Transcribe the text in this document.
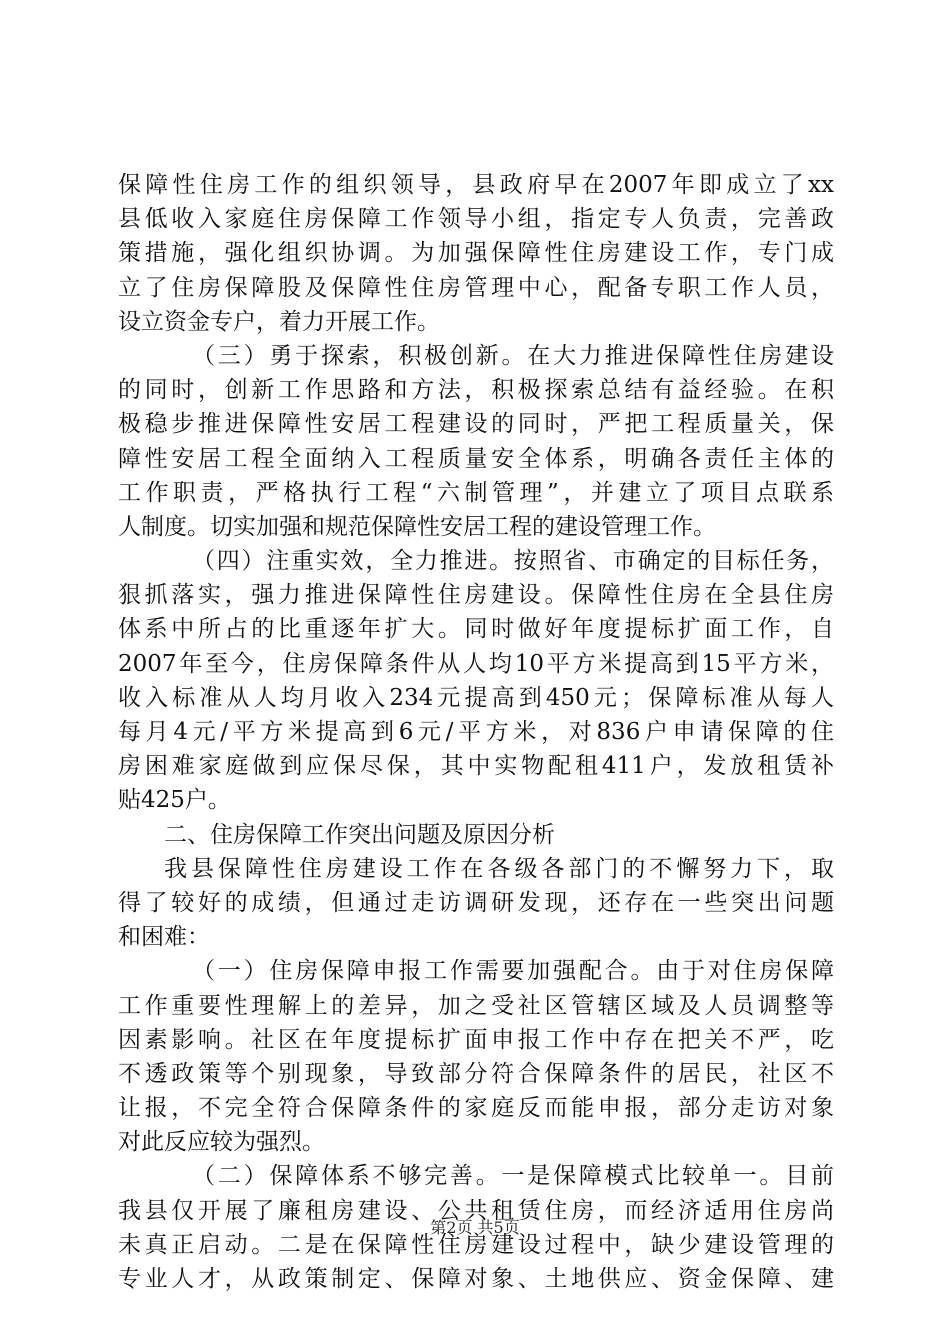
保障性住房工作的组织领导，县政府早在2007年即成立了xx
县低收入家庭住房保障工作领导小组，指定专人负责，完善政
策措施，强化组织协调。为加强保障性住房建设工作，专门成
立了住房保障股及保障性住房管理中心，配备专职工作人员，
设立资金专户，着力开展工作。
（三）勇于探索，积极创新。在大力推进保障性住房建设
的同时，创新工作思路和方法，积极探索总结有益经验。在积
极稳步推进保障性安居工程建设的同时，严把工程质量关，保
障性安居工程全面纳入工程质量安全体系，明确各责任主体的
工作职责，严格执行工程“六制管理”，并建立了项目点联系
人制度。切实加强和规范保障性安居工程的建设管理工作。
（四）注重实效，全力推进。按照省、市确定的目标任务，
狠抓落实，强力推进保障性住房建设。保障性住房在全县住房
体系中所占的比重逐年扩大。同时做好年度提标扩面工作，自
2007年至今，住房保障条件从人均10平方米提高到15平方米，
收入标准从人均月收入234元提高到450元；保障标准从每人
每月4元/平方米提高到6元/平方米，对836户申请保障的住
房困难家庭做到应保尽保，其中实物配租411户，发放租赁补
贴425户。
二、住房保障工作突出问题及原因分析
我县保障性住房建设工作在各级各部门的不懈努力下，取
得了较好的成绩，但通过走访调研发现，还存在一些突出问题
和困难：
（一）住房保障申报工作需要加强配合。由于对住房保障
工作重要性理解上的差异，加之受社区管辖区域及人员调整等
因素影响。社区在年度提标扩面申报工作中存在把关不严，吃
不透政策等个别现象，导致部分符合保障条件的居民，社区不
让报，不完全符合保障条件的家庭反而能申报，部分走访对象
对此反应较为强烈。
（二）保障体系不够完善。一是保障模式比较单一。目前
我县仅开展了廉租房建设、公共租赁住房，而经济适用住房尚
未真正启动。二是在保障性住房建设过程中，缺少建设管理的
专业人才，从政策制定、保障对象、土地供应、资金保障、建
第2页 共5页
